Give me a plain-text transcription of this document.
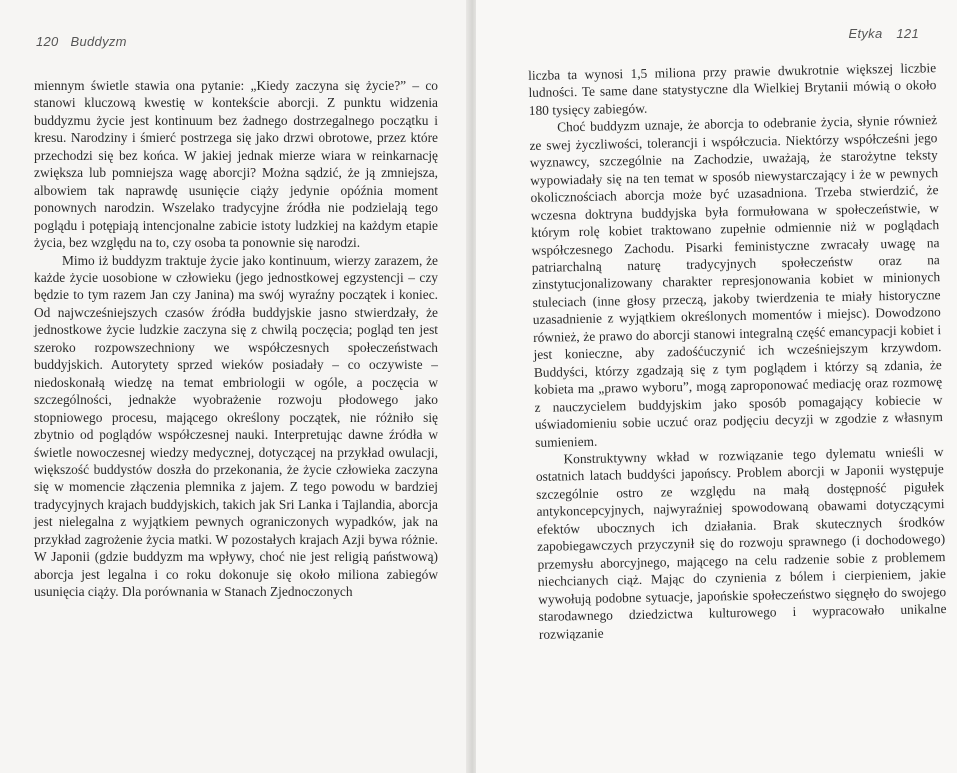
120 Buddyzm

miennym świetle stawia ona pytanie: „Kiedy zaczyna się życie?” – co stanowi kluczową kwestię w kontekście aborcji. Z punktu widzenia buddyzmu życie jest kontinuum bez żadnego dostrzegalnego początku i kresu. Narodziny i śmierć postrzega się jako drzwi obrotowe, przez które przechodzi się bez końca. W jakiej jednak mierze wiara w reinkarnację zwiększa lub pomniejsza wagę aborcji? Można sądzić, że ją zmniejsza, albowiem tak naprawdę usunięcie ciąży jedynie opóźnia moment ponownych narodzin. Wszelako tradycyjne źródła nie podzielają tego poglądu i potępiają intencjonalne zabicie istoty ludzkiej na każdym etapie życia, bez względu na to, czy osoba ta ponownie się narodzi.

Mimo iż buddyzm traktuje życie jako kontinuum, wierzy zarazem, że każde życie uosobione w człowieku (jego jednostkowej egzystencji – czy będzie to tym razem Jan czy Janina) ma swój wyraźny początek i koniec. Od najwcześniejszych czasów źródła buddyjskie jasno stwierdzały, że jednostkowe życie ludzkie zaczyna się z chwilą poczęcia; pogląd ten jest szeroko rozpowszechniony we współczesnych społeczeństwach buddyjskich. Autorytety sprzed wieków posiadały – co oczywiste – niedoskonałą wiedzę na temat embriologii w ogóle, a poczęcia w szczególności, jednakże wyobrażenie rozwoju płodowego jako stopniowego procesu, mającego określony początek, nie różniło się zbytnio od poglądów współczesnej nauki. Interpretując dawne źródła w świetle nowoczesnej wiedzy medycznej, dotyczącej na przykład owulacji, większość buddystów doszła do przekonania, że życie człowieka zaczyna się w momencie złączenia plemnika z jajem. Z tego powodu w bardziej tradycyjnych krajach buddyjskich, takich jak Sri Lanka i Tajlandia, aborcja jest nielegalna z wyjątkiem pewnych ograniczonych wypadków, jak na przykład zagrożenie życia matki. W pozostałych krajach Azji bywa różnie. W Japonii (gdzie buddyzm ma wpływy, choć nie jest religią państwową) aborcja jest legalna i co roku dokonuje się około miliona zabiegów usunięcia ciąży. Dla porównania w Stanach Zjednoczonych

Etyka 121

liczba ta wynosi 1,5 miliona przy prawie dwukrotnie większej liczbie ludności. Te same dane statystyczne dla Wielkiej Brytanii mówią o około 180 tysięcy zabiegów.

Choć buddyzm uznaje, że aborcja to odebranie życia, słynie również ze swej życzliwości, tolerancji i współczucia. Niektórzy współcześni jego wyznawcy, szczególnie na Zachodzie, uważają, że starożytne teksty wypowiadały się na ten temat w sposób niewystarczający i że w pewnych okolicznościach aborcja może być uzasadniona. Trzeba stwierdzić, że wczesna doktryna buddyjska była formułowana w społeczeństwie, w którym rolę kobiet traktowano zupełnie odmiennie niż w poglądach współczesnego Zachodu. Pisarki feministyczne zwracały uwagę na patriarchalną naturę tradycyjnych społeczeństw oraz na zinstytucjonalizowany charakter represjonowania kobiet w minionych stuleciach (inne głosy przeczą, jakoby twierdzenia te miały historyczne uzasadnienie z wyjątkiem określonych momentów i miejsc). Dowodzono również, że prawo do aborcji stanowi integralną część emancypacji kobiet i jest konieczne, aby zadośćuczynić ich wcześniejszym krzywdom. Buddyści, którzy zgadzają się z tym poglądem i którzy są zdania, że kobieta ma „prawo wyboru”, mogą zaproponować mediację oraz rozmowę z nauczycielem buddyjskim jako sposób pomagający kobiecie w uświadomieniu sobie uczuć oraz podjęciu decyzji w zgodzie z własnym sumieniem.

Konstruktywny wkład w rozwiązanie tego dylematu wnieśli w ostatnich latach buddyści japońscy. Problem aborcji w Japonii występuje szczególnie ostro ze względu na małą dostępność pigułek antykoncepcyjnych, najwyraźniej spowodowaną obawami dotyczącymi efektów ubocznych ich działania. Brak skutecznych środków zapobiegawczych przyczynił się do rozwoju sprawnego (i dochodowego) przemysłu aborcyjnego, mającego na celu radzenie sobie z problemem niechcianych ciąż. Mając do czynienia z bólem i cierpieniem, jakie wywołują podobne sytuacje, japońskie społeczeństwo sięgnęło do swojego starodawnego dziedzictwa kulturowego i wypracowało unikalne rozwiązanie
